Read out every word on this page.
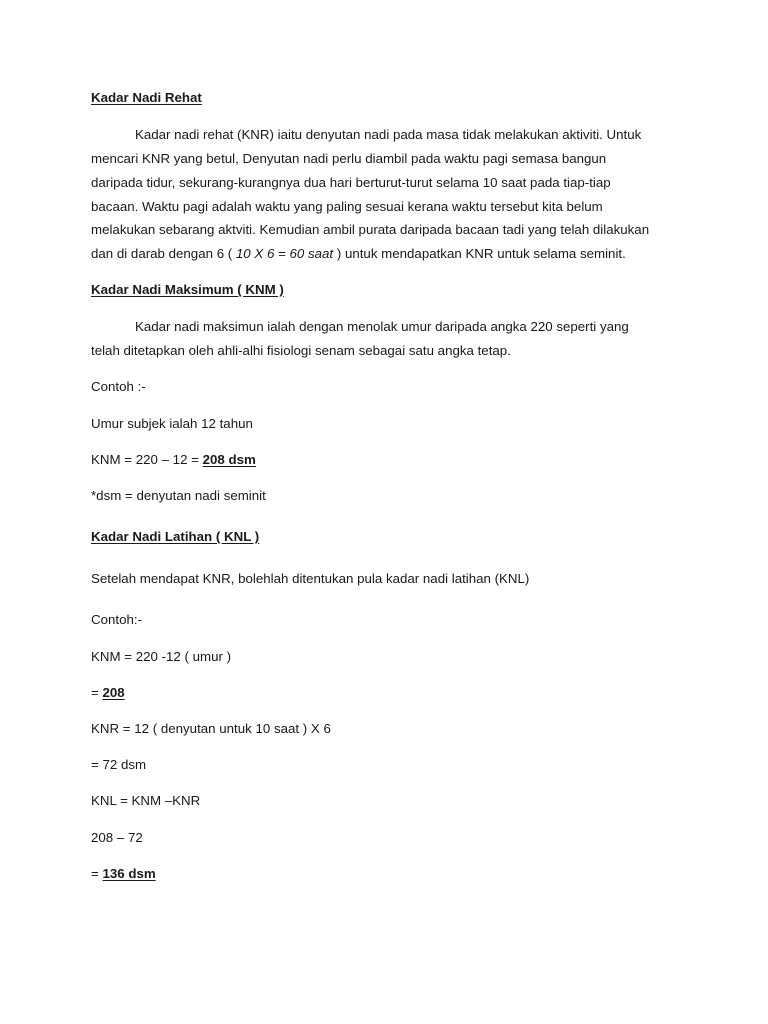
Kadar Nadi Rehat
Kadar nadi rehat (KNR) iaitu denyutan nadi pada masa tidak melakukan aktiviti. Untuk
mencari KNR yang betul, Denyutan nadi perlu diambil pada waktu pagi semasa bangun
daripada tidur, sekurang-kurangnya dua hari berturut-turut selama 10 saat pada tiap-tiap
bacaan. Waktu pagi adalah waktu yang paling sesuai kerana waktu tersebut kita belum
melakukan sebarang aktviti. Kemudian ambil purata daripada bacaan tadi yang telah dilakukan
dan di darab dengan 6 ( 10 X 6 = 60 saat ) untuk mendapatkan KNR untuk selama seminit.
Kadar Nadi Maksimum ( KNM )
Kadar nadi maksimun ialah dengan menolak umur daripada angka 220 seperti yang
telah ditetapkan oleh ahli-alhi fisiologi senam sebagai satu angka tetap.
Contoh :-
Umur subjek ialah 12 tahun
KNM = 220 – 12 = 208 dsm
*dsm = denyutan nadi seminit
Kadar Nadi Latihan ( KNL )
Setelah mendapat KNR, bolehlah ditentukan pula kadar nadi latihan (KNL)
Contoh:-
KNM = 220 -12 ( umur )
= 208
KNR = 12 ( denyutan untuk 10 saat ) X 6
= 72 dsm
KNL = KNM –KNR
208 – 72
= 136 dsm
